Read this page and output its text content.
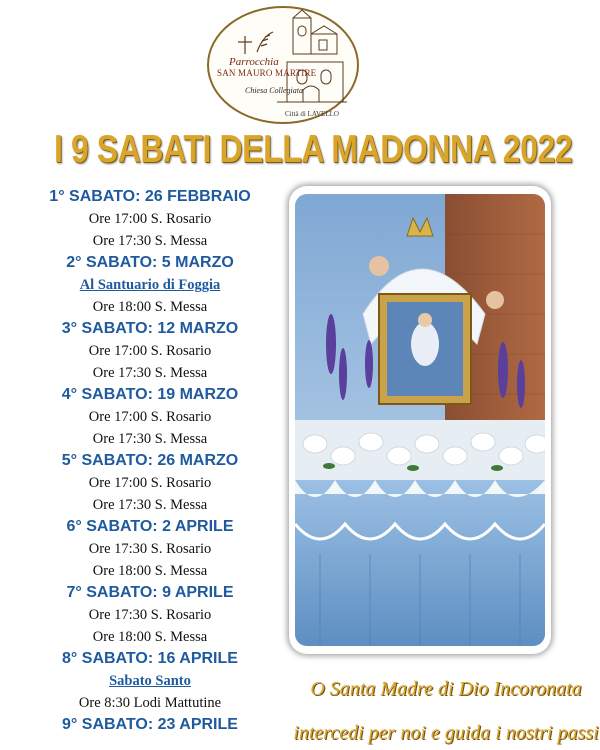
Parrocchia
SAN MAURO MARTIRE
Chiesa Collegiata
Città di LAVELLO
I 9 SABATI DELLA MADONNA 2022
1° SABATO: 26 FEBBRAIO
Ore 17:00 S. Rosario
Ore 17:30 S. Messa
2° SABATO: 5 MARZO
Al Santuario di Foggia
Ore 18:00 S. Messa
3° SABATO: 12 MARZO
Ore 17:00 S. Rosario
Ore 17:30 S. Messa
4° SABATO: 19 MARZO
Ore 17:00 S. Rosario
Ore 17:30 S. Messa
5° SABATO: 26 MARZO
Ore 17:00 S. Rosario
Ore 17:30 S. Messa
6° SABATO: 2 APRILE
Ore 17:30 S. Rosario
Ore 18:00 S. Messa
7° SABATO: 9 APRILE
Ore 17:30 S. Rosario
Ore 18:00 S. Messa
8° SABATO: 16 APRILE
Sabato Santo
Ore 8:30 Lodi Mattutine
9° SABATO: 23 APRILE
O Santa Madre di Dio Incoronata
intercedi per noi e guida i nostri passi
